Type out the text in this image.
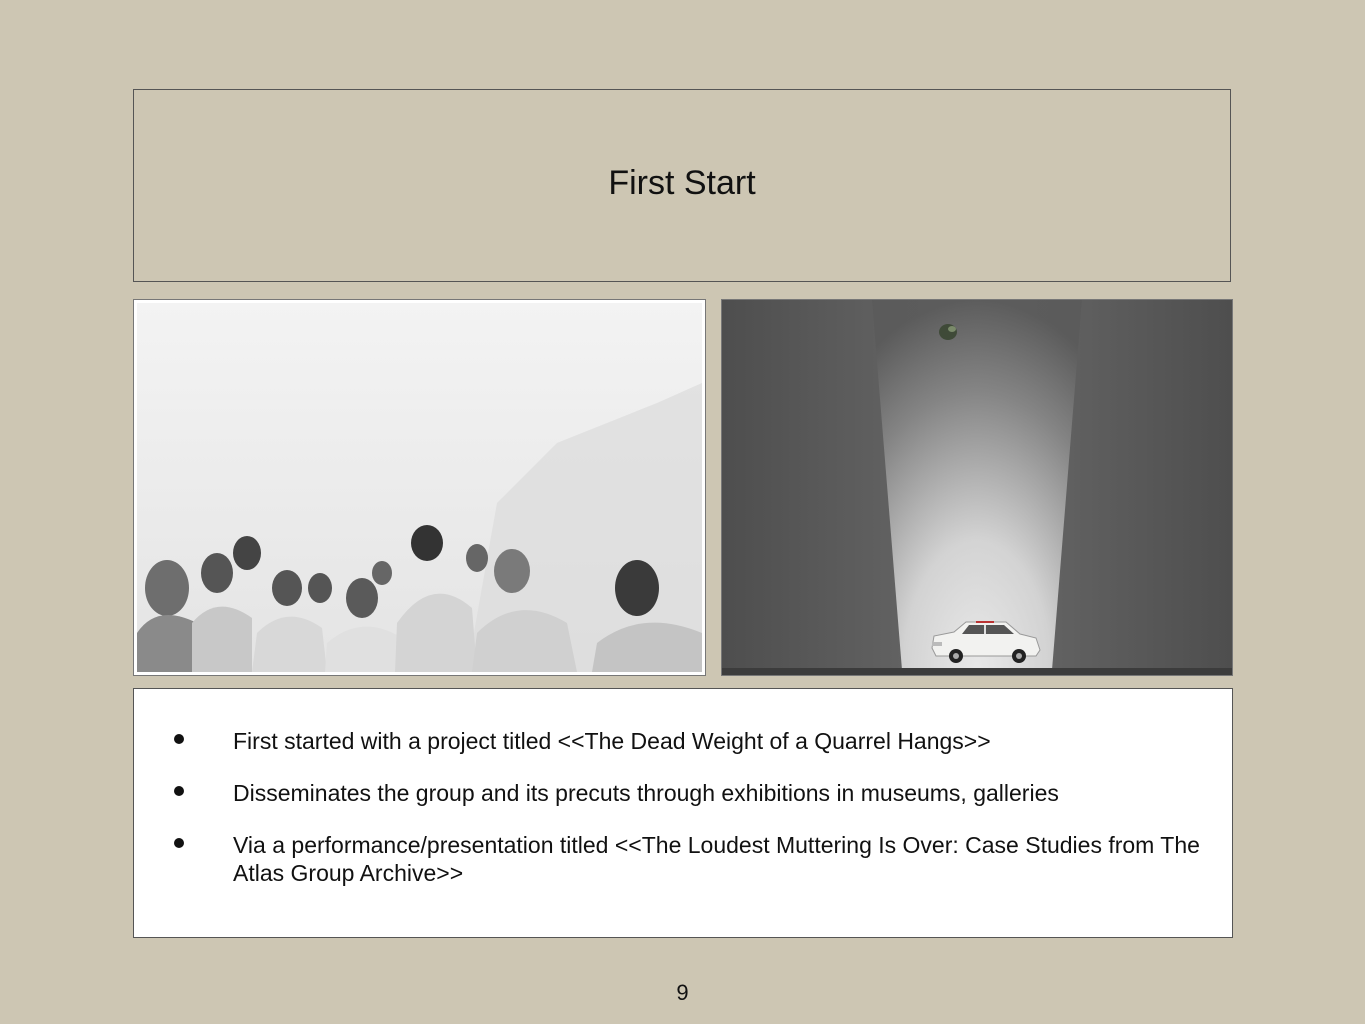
First Start
First started with a project titled <<The Dead Weight of a Quarrel Hangs>>
Disseminates the group and its precuts through exhibitions in museums, galleries
Via a performance/presentation titled <<The Loudest Muttering Is Over: Case Studies from The Atlas Group Archive>>
9
